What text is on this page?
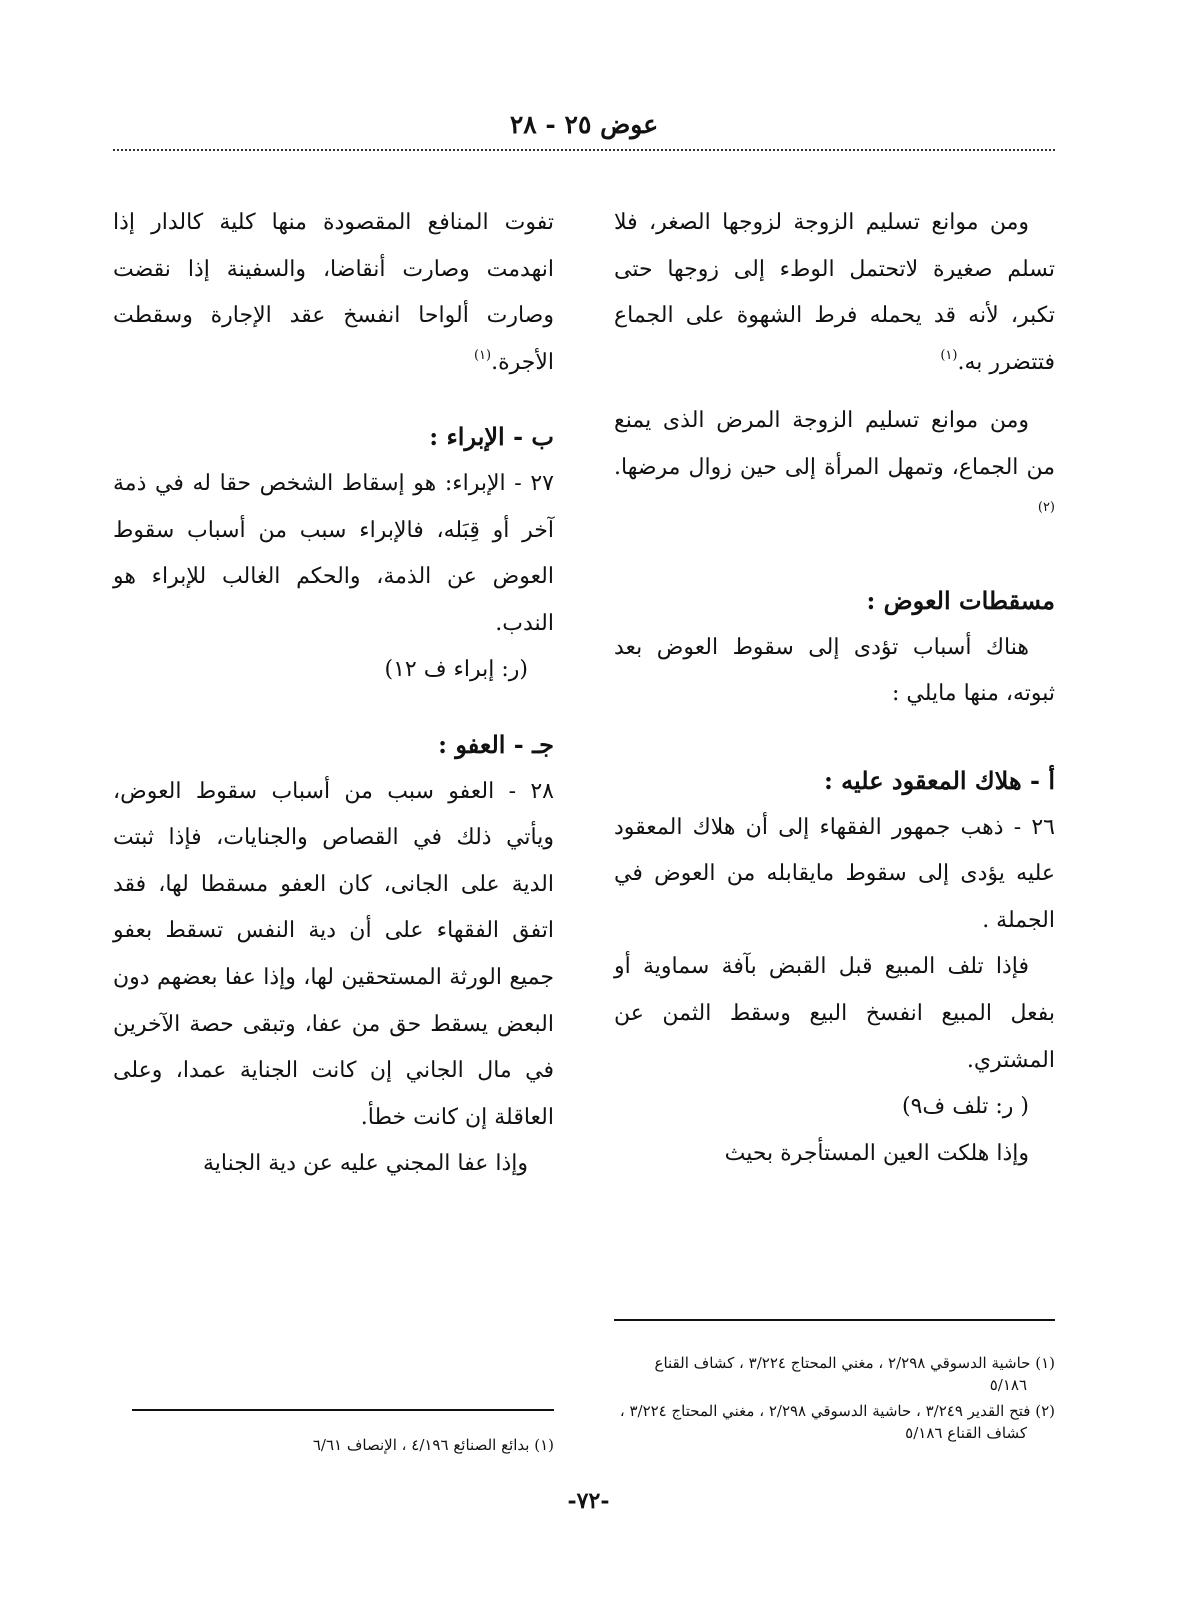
عوض ٢٥ - ٢٨

ومن موانع تسليم الزوجة لزوجها الصغر، فلا تسلم صغيرة لاتحتمل الوطء إلى زوجها حتى تكبر، لأنه قد يحمله فرط الشهوة على الجماع فتتضرر به.$^{(١)}$

ومن موانع تسليم الزوجة المرض الذى يمنع من الجماع، وتمهل المرأة إلى حين زوال مرضها.$^{(٢)}$

مسقطات العوض :

هناك أسباب تؤدى إلى سقوط العوض بعد ثبوته، منها مايلي :

أ - هلاك المعقود عليه :

٢٦ - ذهب جمهور الفقهاء إلى أن هلاك المعقود عليه يؤدى إلى سقوط مايقابله من العوض في الجملة .

فإذا تلف المبيع قبل القبض بآفة سماوية أو بفعل المبيع انفسخ البيع وسقط الثمن عن المشتري.

( ر: تلف ف٩)

وإذا هلكت العين المستأجرة بحيث

تفوت المنافع المقصودة منها كلية كالدار إذا انهدمت وصارت أنقاضا، والسفينة إذا نقضت وصارت ألواحا انفسخ عقد الإجارة وسقطت الأجرة.$^{(١)}$

ب - الإبراء :

٢٧ - الإبراء: هو إسقاط الشخص حقا له في ذمة آخر أو قِبَله، فالإبراء سبب من أسباب سقوط العوض عن الذمة، والحكم الغالب للإبراء هو الندب.

(ر: إبراء ف ١٢)

جـ - العفو :

٢٨ - العفو سبب من أسباب سقوط العوض، ويأتي ذلك في القصاص والجنايات، فإذا ثبتت الدية على الجانى، كان العفو مسقطا لها، فقد اتفق الفقهاء على أن دية النفس تسقط بعفو جميع الورثة المستحقين لها، وإذا عفا بعضهم دون البعض يسقط حق من عفا، وتبقى حصة الآخرين في مال الجاني إن كانت الجناية عمدا، وعلى العاقلة إن كانت خطأ.

وإذا عفا المجني عليه عن دية الجناية

(١) حاشية الدسوقي ٢/٢٩٨ ، مغني المحتاج ٣/٢٢٤ ، كشاف القناع ٥/١٨٦

(٢) فتح القدير ٣/٢٤٩ ، حاشية الدسوقي ٢/٢٩٨ ، مغني المحتاج ٣/٢٢٤ ، كشاف القناع ٥/١٨٦

(١) بدائع الصنائع ٤/١٩٦ ، الإنصاف ٦/٦١

-٧٢-
